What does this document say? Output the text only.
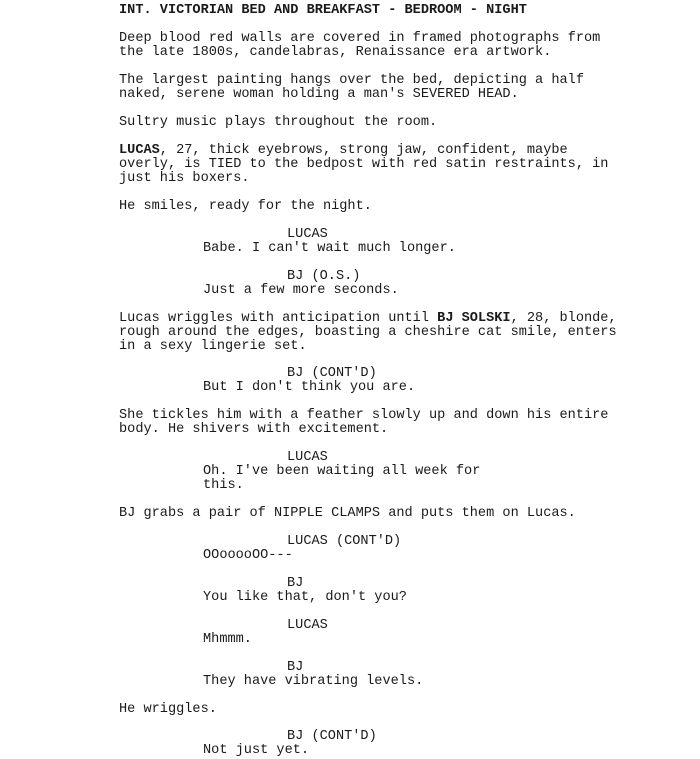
INT. VICTORIAN BED AND BREAKFAST - BEDROOM - NIGHT
Deep blood red walls are covered in framed photographs from
the late 1800s, candelabras, Renaissance era artwork.
The largest painting hangs over the bed, depicting a half
naked, serene woman holding a man's SEVERED HEAD.
Sultry music plays throughout the room.
LUCAS, 27, thick eyebrows, strong jaw, confident, maybe
overly, is TIED to the bedpost with red satin restraints, in
just his boxers.
He smiles, ready for the night.
LUCAS
Babe. I can't wait much longer.
BJ (O.S.)
Just a few more seconds.
Lucas wriggles with anticipation until BJ SOLSKI, 28, blonde,
rough around the edges, boasting a cheshire cat smile, enters
in a sexy lingerie set.
BJ (CONT'D)
But I don't think you are.
She tickles him with a feather slowly up and down his entire
body. He shivers with excitement.
LUCAS
Oh. I've been waiting all week for
this.
BJ grabs a pair of NIPPLE CLAMPS and puts them on Lucas.
LUCAS (CONT'D)
OOooooOO---
BJ
You like that, don't you?
LUCAS
Mhmmm.
BJ
They have vibrating levels.
He wriggles.
BJ (CONT'D)
Not just yet.
